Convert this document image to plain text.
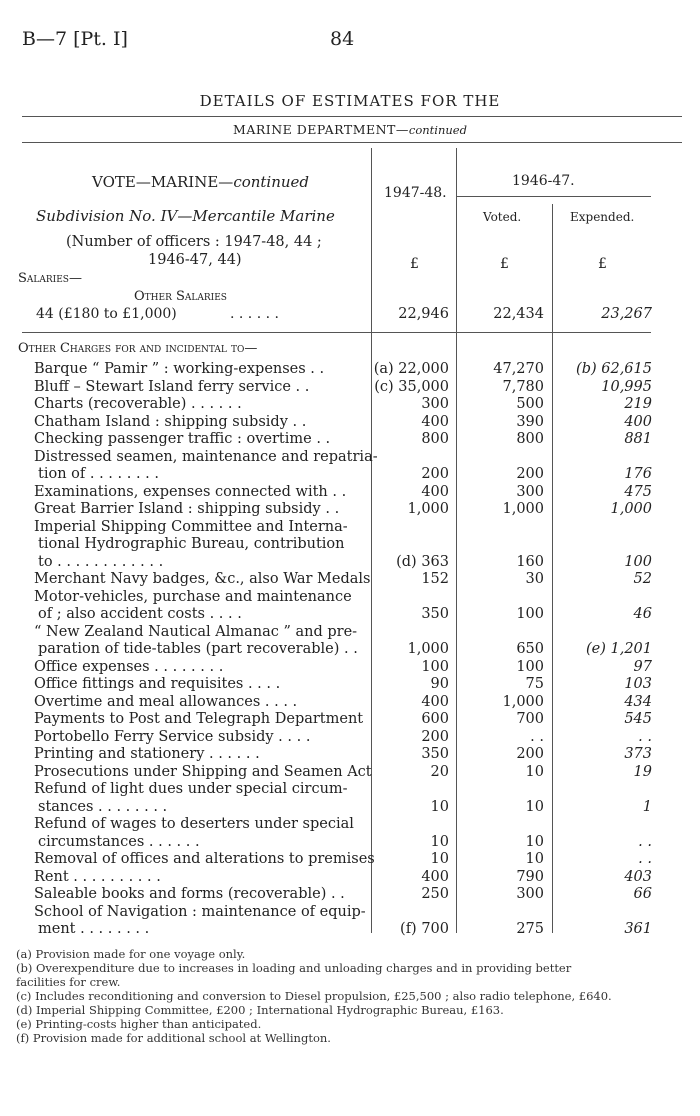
B—7 [Pt. I]	84
DETAILS OF ESTIMATES FOR THE
MARINE DEPARTMENT—continued
VOTE—MARINE—continued
Subdivision No. IV—Mercantile Marine
(Number of officers : 1947-48, 44 ;
1946-47, 44)
1947-48.
1946-47.
Voted.	Expended.
£	£	£
Salaries—
Other Salaries
44 (£180 to £1,000)	. . . . . .	22,946	22,434	23,267
Other Charges for and incidental to—
Barque “ Pamir ” : working-expenses . .	(a) 22,000	47,270	(b) 62,615
Bluff – Stewart Island ferry service . .	(c) 35,000	7,780	10,995
Charts (recoverable) . . . . . .	300	500	219
Chatham Island : shipping subsidy . .	400	390	400
Checking passenger traffic : overtime . .	800	800	881
Distressed seamen, maintenance and repatria-
tion of . . . . . . . .	200	200	176
Examinations, expenses connected with . .	400	300	475
Great Barrier Island : shipping subsidy . .	1,000	1,000	1,000
Imperial Shipping Committee and Interna-
tional Hydrographic Bureau, contribution
to . . . . . . . . . . . .	(d) 363	160	100
Merchant Navy badges, &c., also War Medals	152	30	52
Motor-vehicles, purchase and maintenance
of ; also accident costs . . . .	350	100	46
“ New Zealand Nautical Almanac ” and pre-
paration of tide-tables (part recoverable) . .	1,000	650	(e) 1,201
Office expenses . . . . . . . .	100	100	97
Office fittings and requisites . . . .	90	75	103
Overtime and meal allowances . . . .	400	1,000	434
Payments to Post and Telegraph Department	600	700	545
Portobello Ferry Service subsidy . . . .	200	. .	. .
Printing and stationery . . . . . .	350	200	373
Prosecutions under Shipping and Seamen Act	20	10	19
Refund of light dues under special circum-
stances . . . . . . . .	10	10	1
Refund of wages to deserters under special
circumstances . . . . . .	10	10	. .
Removal of offices and alterations to premises	10	10	. .
Rent . . . . . . . . . .	400	790	403
Saleable books and forms (recoverable) . .	250	300	66
School of Navigation : maintenance of equip-
ment . . . . . . . .	(f) 700	275	361
(a) Provision made for one voyage only.
(b) Overexpenditure due to increases in loading and unloading charges and in providing better
facilities for crew.
(c) Includes reconditioning and conversion to Diesel propulsion, £25,500 ; also radio telephone, £640.
(d) Imperial Shipping Committee, £200 ; International Hydrographic Bureau, £163.
(e) Printing-costs higher than anticipated.
(f) Provision made for additional school at Wellington.
